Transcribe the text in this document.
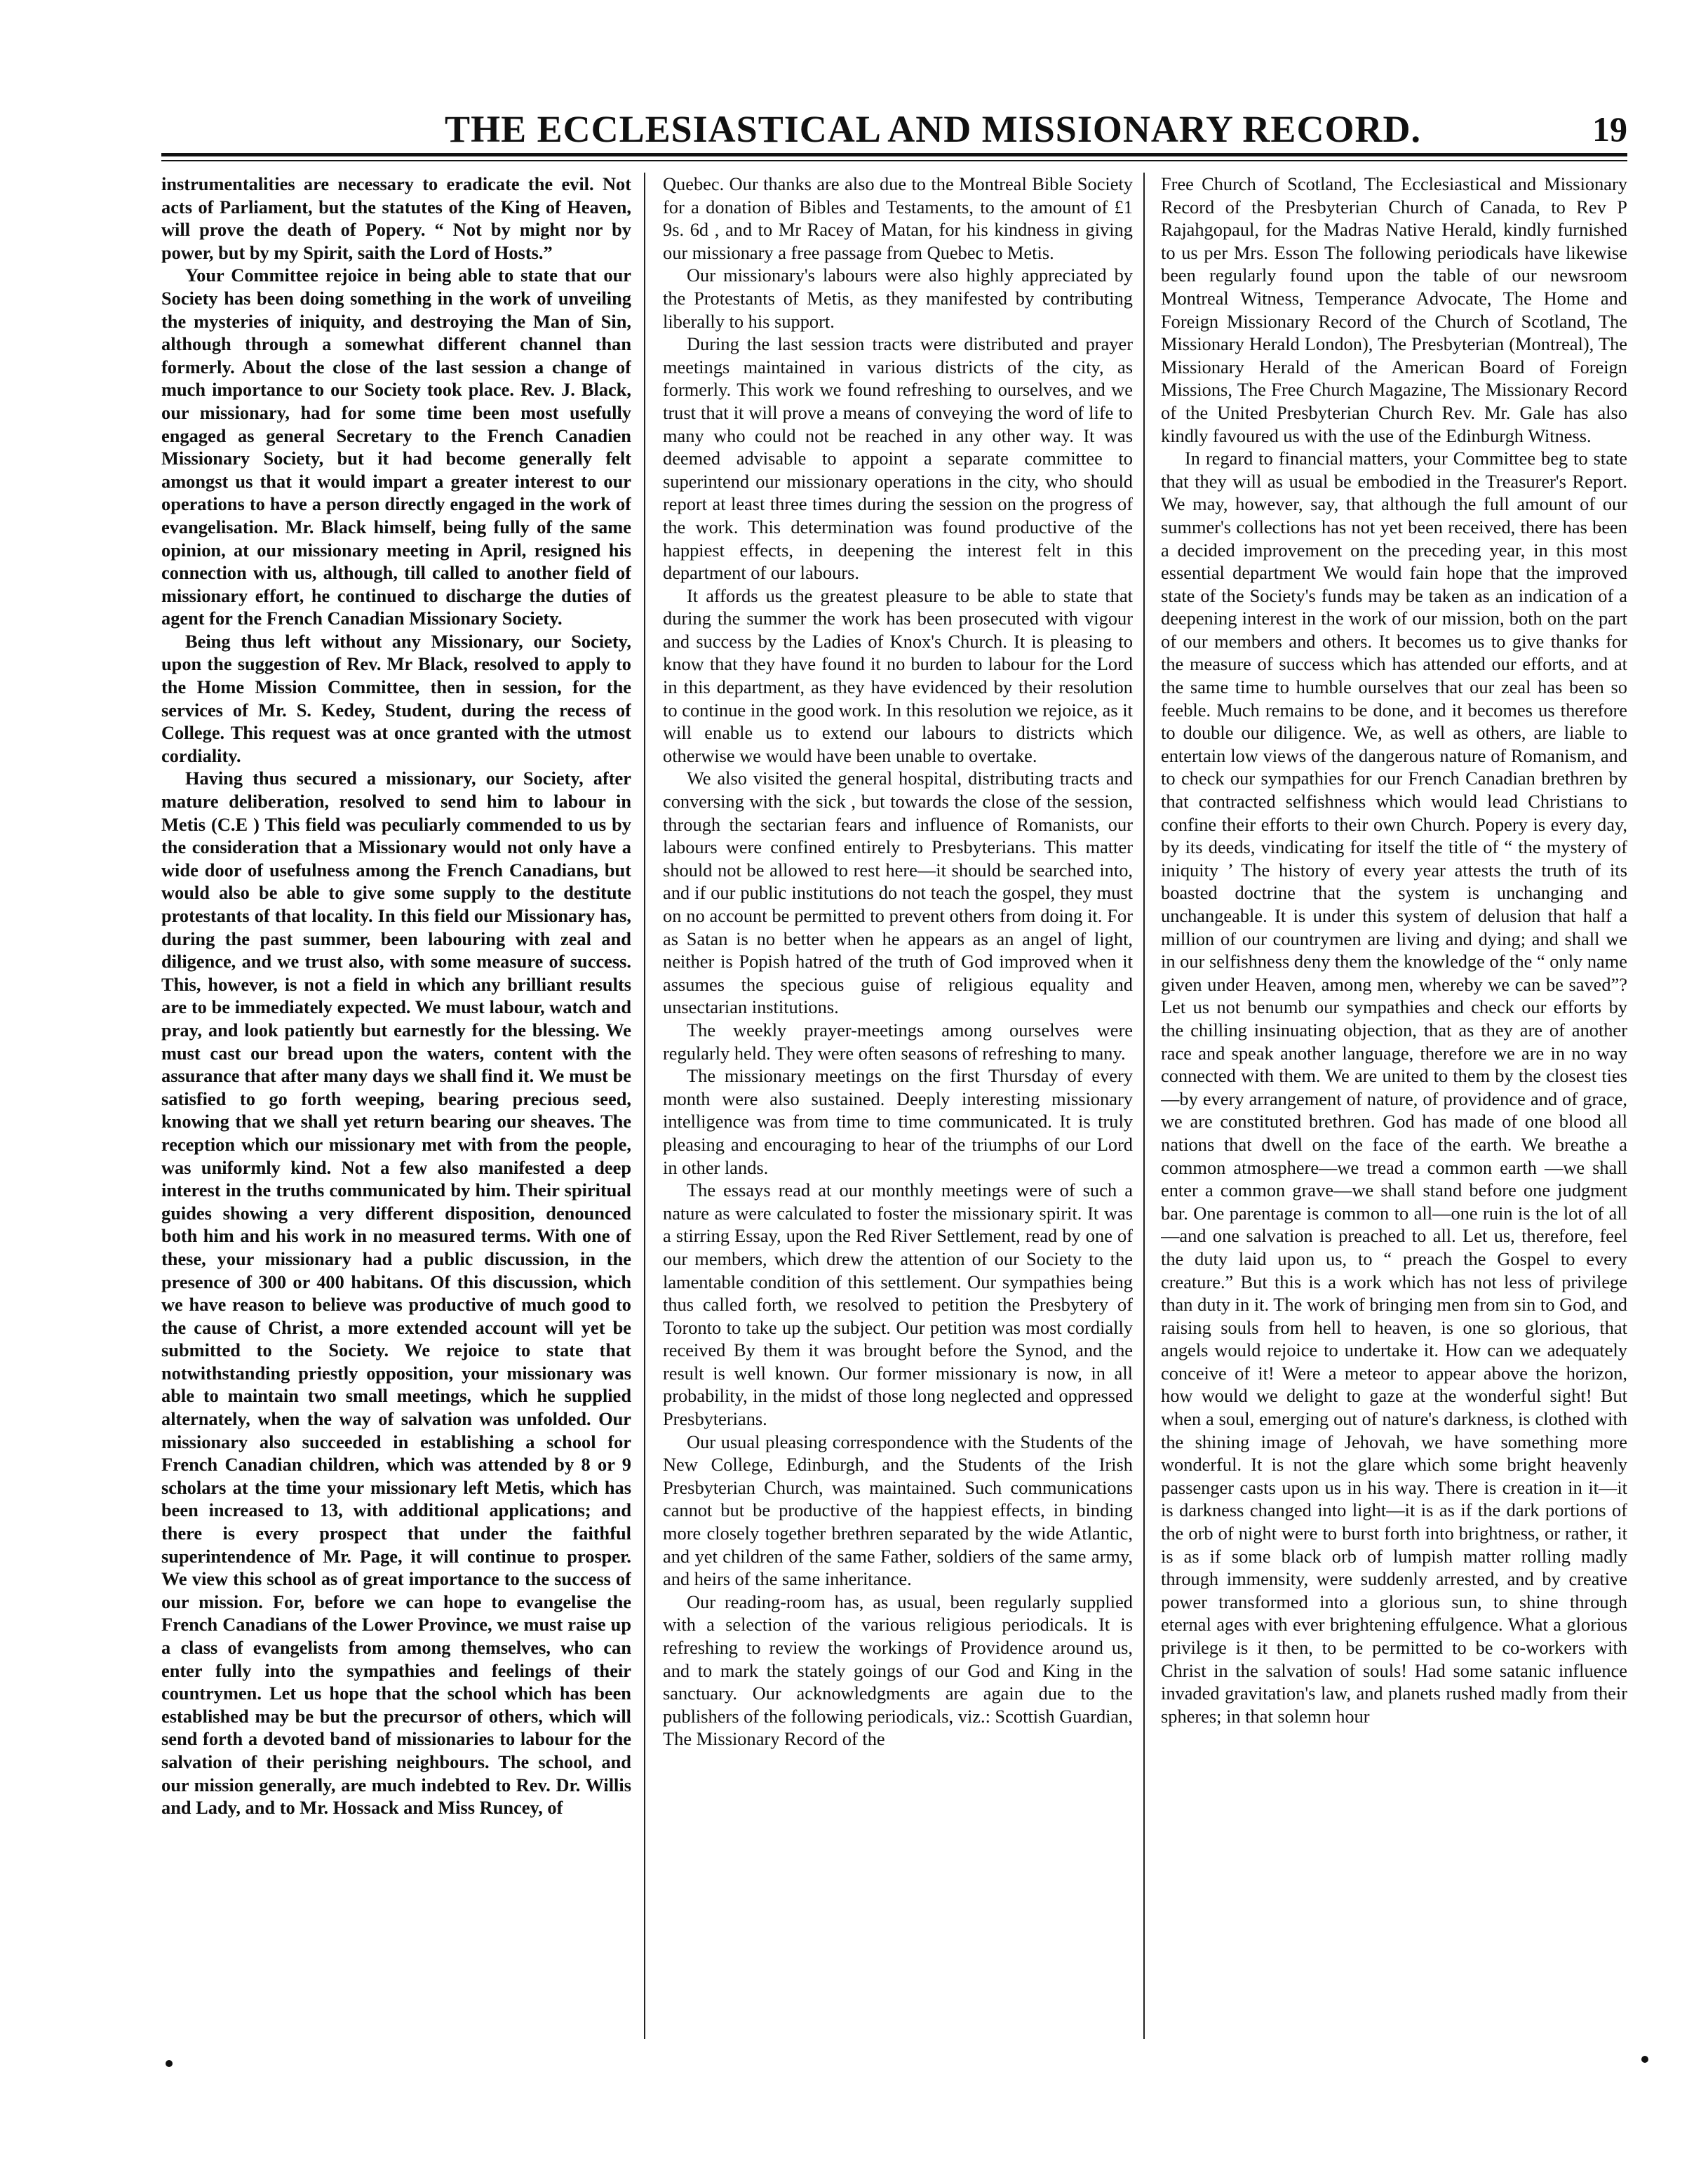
THE ECCLESIASTICAL AND MISSIONARY RECORD.	19

instrumentalities are necessary to eradicate the evil. Not acts of Parliament, but the statutes of the King of Heaven, will prove the death of Popery. “ Not by might nor by power, but by my Spirit, saith the Lord of Hosts.”

Your Committee rejoice in being able to state that our Society has been doing something in the work of unveiling the mysteries of iniquity, and destroying the Man of Sin, although through a somewhat different channel than formerly. About the close of the last session a change of much importance to our Society took place. Rev. J. Black, our missionary, had for some time been most usefully engaged as general Secretary to the French Canadien Missionary Society, but it had become generally felt amongst us that it would impart a greater interest to our operations to have a person directly engaged in the work of evangelisation. Mr. Black himself, being fully of the same opinion, at our missionary meeting in April, resigned his connection with us, although, till called to another field of missionary effort, he continued to discharge the duties of agent for the French Canadian Missionary Society.

Being thus left without any Missionary, our Society, upon the suggestion of Rev. Mr Black, resolved to apply to the Home Mission Committee, then in session, for the services of Mr. S. Kedey, Student, during the recess of College. This request was at once granted with the utmost cordiality.

Having thus secured a missionary, our Society, after mature deliberation, resolved to send him to labour in Metis (C.E ) This field was peculiarly commended to us by the consideration that a Missionary would not only have a wide door of usefulness among the French Canadians, but would also be able to give some supply to the destitute protestants of that locality. In this field our Missionary has, during the past summer, been labouring with zeal and diligence, and we trust also, with some measure of success. This, however, is not a field in which any brilliant results are to be immediately expected. We must labour, watch and pray, and look patiently but earnestly for the blessing. We must cast our bread upon the waters, content with the assurance that after many days we shall find it. We must be satisfied to go forth weeping, bearing precious seed, knowing that we shall yet return bearing our sheaves. The reception which our missionary met with from the people, was uniformly kind. Not a few also manifested a deep interest in the truths communicated by him. Their spiritual guides showing a very different disposition, denounced both him and his work in no measured terms. With one of these, your missionary had a public discussion, in the presence of 300 or 400 habitans. Of this discussion, which we have reason to believe was productive of much good to the cause of Christ, a more extended account will yet be submitted to the Society. We rejoice to state that notwithstanding priestly opposition, your missionary was able to maintain two small meetings, which he supplied alternately, when the way of salvation was unfolded. Our missionary also succeeded in establishing a school for French Canadian children, which was attended by 8 or 9 scholars at the time your missionary left Metis, which has been increased to 13, with additional applications; and there is every prospect that under the faithful superintendence of Mr. Page, it will continue to prosper. We view this school as of great importance to the success of our mission. For, before we can hope to evangelise the French Canadians of the Lower Province, we must raise up a class of evangelists from among themselves, who can enter fully into the sympathies and feelings of their countrymen. Let us hope that the school which has been established may be but the precursor of others, which will send forth a devoted band of missionaries to labour for the salvation of their perishing neighbours. The school, and our mission generally, are much indebted to Rev. Dr. Willis and Lady, and to Mr. Hossack and Miss Runcey, of

Quebec. Our thanks are also due to the Montreal Bible Society for a donation of Bibles and Testaments, to the amount of £1 9s. 6d , and to Mr Racey of Matan, for his kindness in giving our missionary a free passage from Quebec to Metis.

Our missionary's labours were also highly appreciated by the Protestants of Metis, as they manifested by contributing liberally to his support.

During the last session tracts were distributed and prayer meetings maintained in various districts of the city, as formerly. This work we found refreshing to ourselves, and we trust that it will prove a means of conveying the word of life to many who could not be reached in any other way. It was deemed advisable to appoint a separate committee to superintend our missionary operations in the city, who should report at least three times during the session on the progress of the work. This determination was found productive of the happiest effects, in deepening the interest felt in this department of our labours.

It affords us the greatest pleasure to be able to state that during the summer the work has been prosecuted with vigour and success by the Ladies of Knox's Church. It is pleasing to know that they have found it no burden to labour for the Lord in this department, as they have evidenced by their resolution to continue in the good work. In this resolution we rejoice, as it will enable us to extend our labours to districts which otherwise we would have been unable to overtake.

We also visited the general hospital, distributing tracts and conversing with the sick , but towards the close of the session, through the sectarian fears and influence of Romanists, our labours were confined entirely to Presbyterians. This matter should not be allowed to rest here—it should be searched into, and if our public institutions do not teach the gospel, they must on no account be permitted to prevent others from doing it. For as Satan is no better when he appears as an angel of light, neither is Popish hatred of the truth of God improved when it assumes the specious guise of religious equality and unsectarian institutions.

The weekly prayer-meetings among ourselves were regularly held. They were often seasons of refreshing to many.

The missionary meetings on the first Thursday of every month were also sustained. Deeply interesting missionary intelligence was from time to time communicated. It is truly pleasing and encouraging to hear of the triumphs of our Lord in other lands.

The essays read at our monthly meetings were of such a nature as were calculated to foster the missionary spirit. It was a stirring Essay, upon the Red River Settlement, read by one of our members, which drew the attention of our Society to the lamentable condition of this settlement. Our sympathies being thus called forth, we resolved to petition the Presbytery of Toronto to take up the subject. Our petition was most cordially received By them it was brought before the Synod, and the result is well known. Our former missionary is now, in all probability, in the midst of those long neglected and oppressed Presbyterians.

Our usual pleasing correspondence with the Students of the New College, Edinburgh, and the Students of the Irish Presbyterian Church, was maintained. Such communications cannot but be productive of the happiest effects, in binding more closely together brethren separated by the wide Atlantic, and yet children of the same Father, soldiers of the same army, and heirs of the same inheritance.

Our reading-room has, as usual, been regularly supplied with a selection of the various religious periodicals. It is refreshing to review the workings of Providence around us, and to mark the stately goings of our God and King in the sanctuary. Our acknowledgments are again due to the publishers of the following periodicals, viz.: Scottish Guardian, The Missionary Record of the

Free Church of Scotland, The Ecclesiastical and Missionary Record of the Presbyterian Church of Canada, to Rev P Rajahgopaul, for the Madras Native Herald, kindly furnished to us per Mrs. Esson The following periodicals have likewise been regularly found upon the table of our newsroom Montreal Witness, Temperance Advocate, The Home and Foreign Missionary Record of the Church of Scotland, The Missionary Herald London), The Presbyterian (Montreal), The Missionary Herald of the American Board of Foreign Missions, The Free Church Magazine, The Missionary Record of the United Presbyterian Church Rev. Mr. Gale has also kindly favoured us with the use of the Edinburgh Witness.

In regard to financial matters, your Committee beg to state that they will as usual be embodied in the Treasurer's Report. We may, however, say, that although the full amount of our summer's collections has not yet been received, there has been a decided improvement on the preceding year, in this most essential department We would fain hope that the improved state of the Society's funds may be taken as an indication of a deepening interest in the work of our mission, both on the part of our members and others. It becomes us to give thanks for the measure of success which has attended our efforts, and at the same time to humble ourselves that our zeal has been so feeble. Much remains to be done, and it becomes us therefore to double our diligence. We, as well as others, are liable to entertain low views of the dangerous nature of Romanism, and to check our sympathies for our French Canadian brethren by that contracted selfishness which would lead Christians to confine their efforts to their own Church. Popery is every day, by its deeds, vindicating for itself the title of “ the mystery of iniquity ’ The history of every year attests the truth of its boasted doctrine that the system is unchanging and unchangeable. It is under this system of delusion that half a million of our countrymen are living and dying; and shall we in our selfishness deny them the knowledge of the “ only name given under Heaven, among men, whereby we can be saved”? Let us not benumb our sympathies and check our efforts by the chilling insinuating objection, that as they are of another race and speak another language, therefore we are in no way connected with them. We are united to them by the closest ties—by every arrangement of nature, of providence and of grace, we are constituted brethren. God has made of one blood all nations that dwell on the face of the earth. We breathe a common atmosphere—we tread a common earth —we shall enter a common grave—we shall stand before one judgment bar. One parentage is common to all—one ruin is the lot of all—and one salvation is preached to all. Let us, therefore, feel the duty laid upon us, to “ preach the Gospel to every creature.” But this is a work which has not less of privilege than duty in it. The work of bringing men from sin to God, and raising souls from hell to heaven, is one so glorious, that angels would rejoice to undertake it. How can we adequately conceive of it! Were a meteor to appear above the horizon, how would we delight to gaze at the wonderful sight! But when a soul, emerging out of nature's darkness, is clothed with the shining image of Jehovah, we have something more wonderful. It is not the glare which some bright heavenly passenger casts upon us in his way. There is creation in it—it is darkness changed into light—it is as if the dark portions of the orb of night were to burst forth into brightness, or rather, it is as if some black orb of lumpish matter rolling madly through immensity, were suddenly arrested, and by creative power transformed into a glorious sun, to shine through eternal ages with ever brightening effulgence. What a glorious privilege is it then, to be permitted to be co-workers with Christ in the salvation of souls! Had some satanic influence invaded gravitation's law, and planets rushed madly from their spheres; in that solemn hour
